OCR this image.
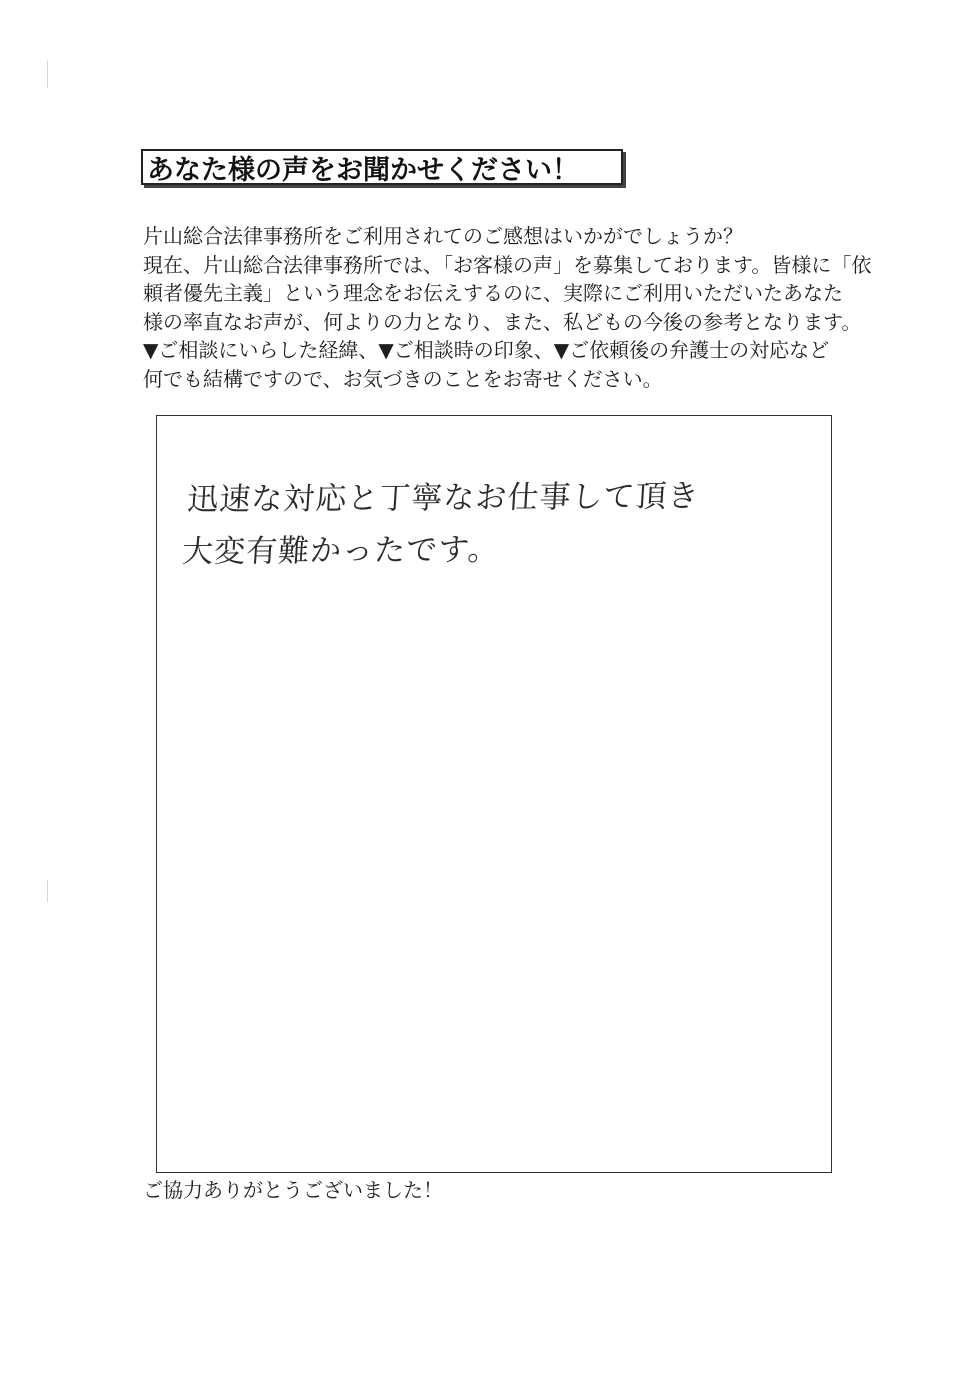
あなた様の声をお聞かせください！
片山総合法律事務所をご利用されてのご感想はいかがでしょうか？
現在、片山総合法律事務所では、「お客様の声」を募集しております。皆様に「依
頼者優先主義」という理念をお伝えするのに、実際にご利用いただいたあなた
様の率直なお声が、何よりの力となり、また、私どもの今後の参考となります。
▼ご相談にいらした経緯、▼ご相談時の印象、▼ご依頼後の弁護士の対応など
何でも結構ですので、お気づきのことをお寄せください。
迅速な対応と丁寧なお仕事して頂き
大変有難かったです。
ご協力ありがとうございました！
